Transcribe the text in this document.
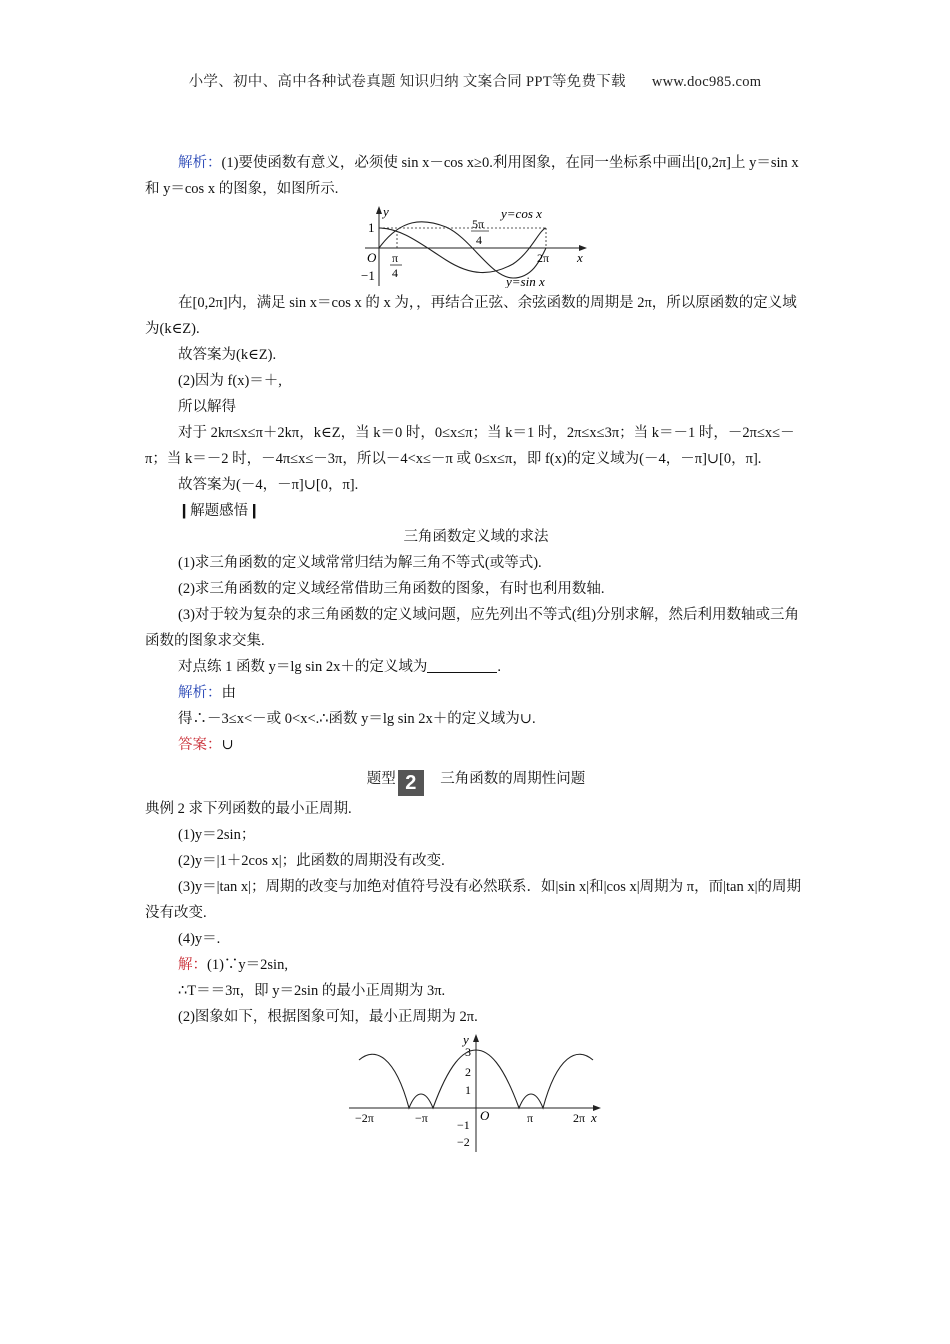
小学、初中、高中各种试卷真题 知识归纳 文案合同 PPT等免费下载 www.doc985.com

解析：(1)要使函数有意义，必须使 sin x－cos x≥0.利用图象，在同一坐标系中画出[0,2π]上 y＝sin x 和 y＝cos x 的图象，如图所示.

y
x
O
1
−1
π
4
5π
4
2π
y=cos x
y=sin x

在[0,2π]内，满足 sin x＝cos x 的 x 为，，再结合正弦、余弦函数的周期是 2π，所以原函数的定义域为(k∈Z).

故答案为(k∈Z).

(2)因为 f(x)＝＋,

所以解得

对于 2kπ≤x≤π＋2kπ，k∈Z，当 k＝0 时，0≤x≤π；当 k＝1 时，2π≤x≤3π；当 k＝－1 时，－2π≤x≤－π；当 k＝－2 时，－4π≤x≤－3π，所以－4<x≤－π 或 0≤x≤π，即 f(x)的定义域为(－4，－π]∪[0，π].

故答案为(－4，－π]∪[0，π].

❙解题感悟❙

三角函数定义域的求法

(1)求三角函数的定义域常常归结为解三角不等式(或等式).

(2)求三角函数的定义域经常借助三角函数的图象，有时也利用数轴.

(3)对于较为复杂的求三角函数的定义域问题，应先列出不等式(组)分别求解，然后利用数轴或三角函数的图象求交集.

对点练 1 函数 y＝lg sin 2x＋的定义域为	.

解析：由

得∴－3≤x<－或 0<x<.∴函数 y＝lg sin 2x＋的定义域为∪.

答案：∪

题型 2 三角函数的周期性问题

典例 2 求下列函数的最小正周期.

(1)y＝2sin；

(2)y＝|1＋2cos x|；此函数的周期没有改变.

(3)y＝|tan x|；周期的改变与加绝对值符号没有必然联系．如|sin x|和|cos x|周期为 π，而|tan x|的周期没有改变.

(4)y＝.

解：(1)∵y＝2sin,

∴T＝＝3π，即 y＝2sin 的最小正周期为 3π.

(2)图象如下，根据图象可知，最小正周期为 2π.

y
x
O
3
2
1
−1
−2
−2π	−π	π	2π
